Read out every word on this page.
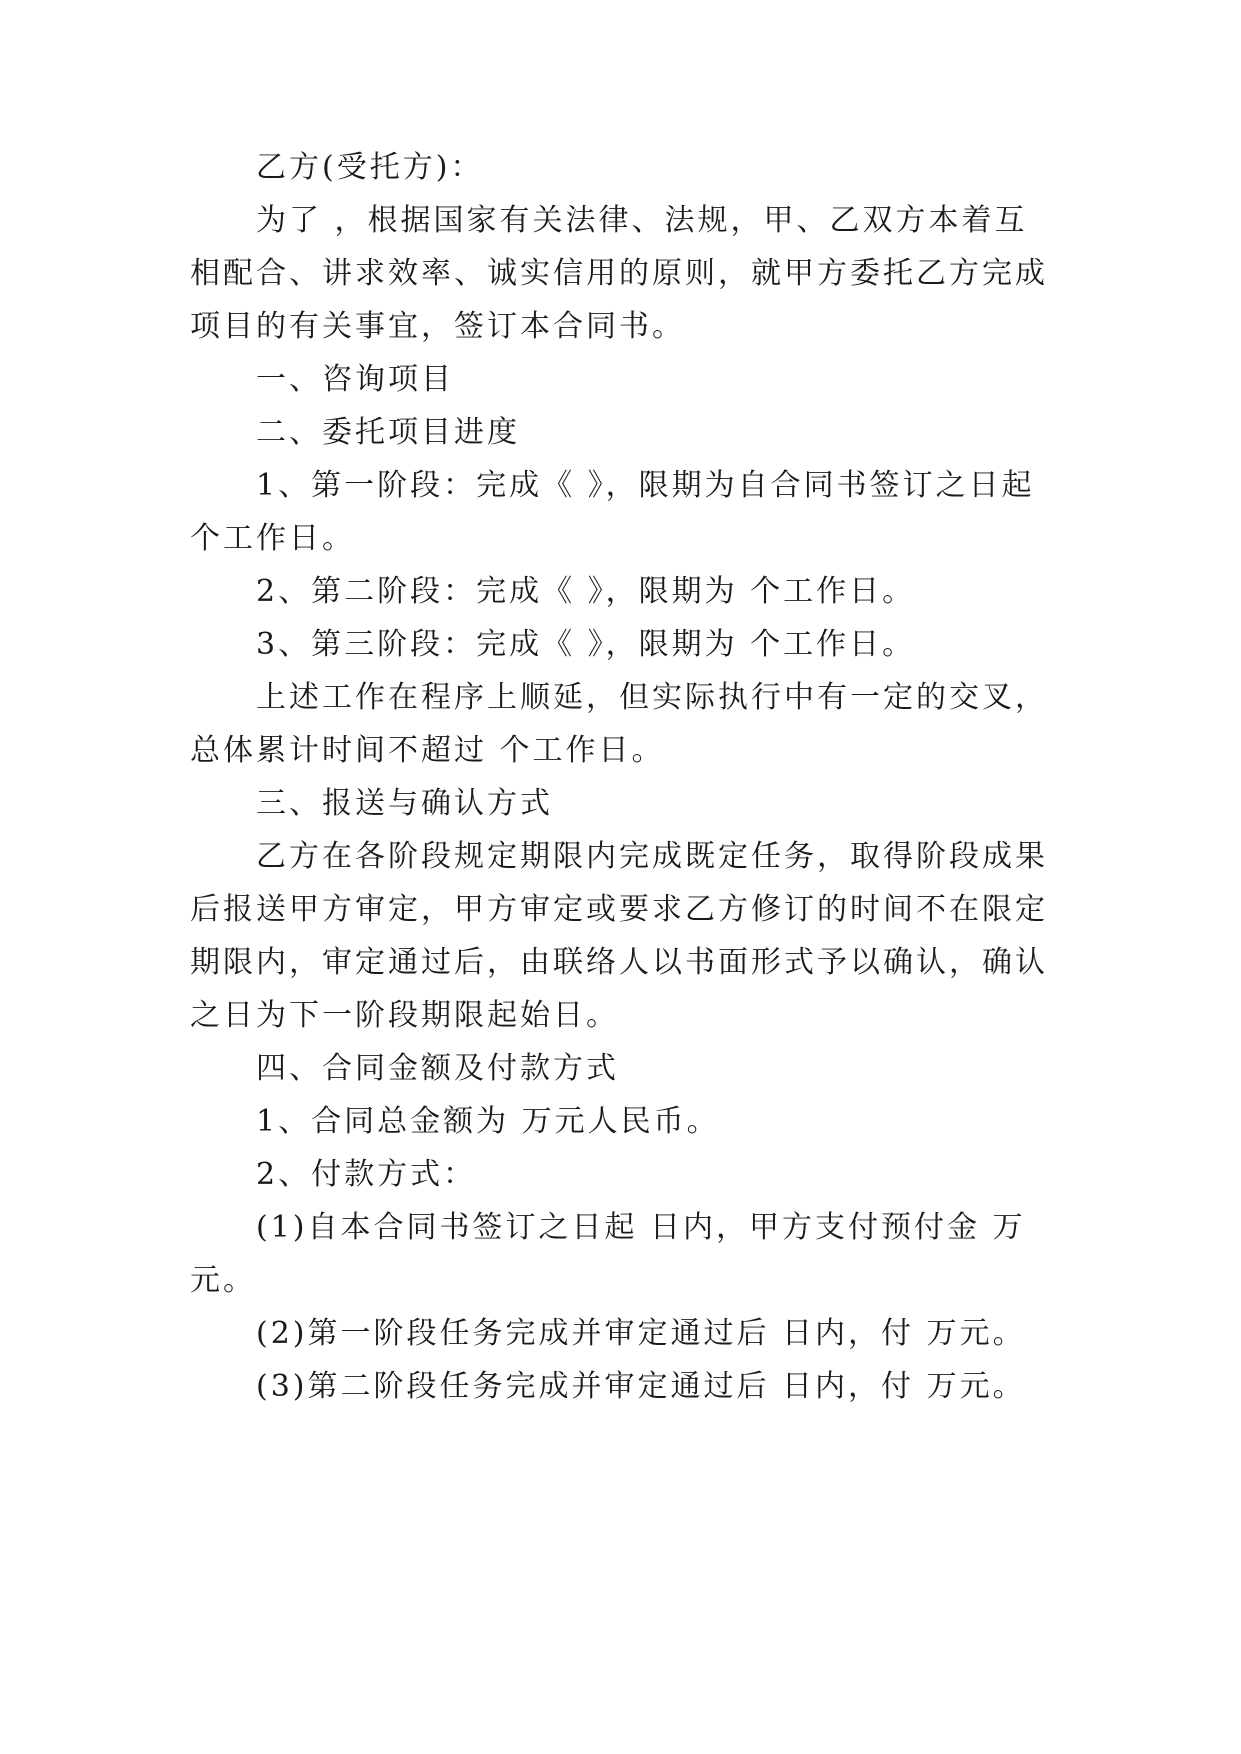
乙方(受托方)：
为了 ，根据国家有关法律、法规，甲、乙双方本着互
相配合、讲求效率、诚实信用的原则，就甲方委托乙方完成
项目的有关事宜，签订本合同书。
一、咨询项目
二、委托项目进度
1、第一阶段：完成《 》，限期为自合同书签订之日起
个工作日。
2、第二阶段：完成《 》，限期为 个工作日。
3、第三阶段：完成《 》，限期为 个工作日。
上述工作在程序上顺延，但实际执行中有一定的交叉，
总体累计时间不超过 个工作日。
三、报送与确认方式
乙方在各阶段规定期限内完成既定任务，取得阶段成果
后报送甲方审定，甲方审定或要求乙方修订的时间不在限定
期限内，审定通过后，由联络人以书面形式予以确认，确认
之日为下一阶段期限起始日。
四、合同金额及付款方式
1、合同总金额为 万元人民币。
2、付款方式：
(1)自本合同书签订之日起 日内，甲方支付预付金 万
元。
(2)第一阶段任务完成并审定通过后 日内，付 万元。
(3)第二阶段任务完成并审定通过后 日内，付 万元。
